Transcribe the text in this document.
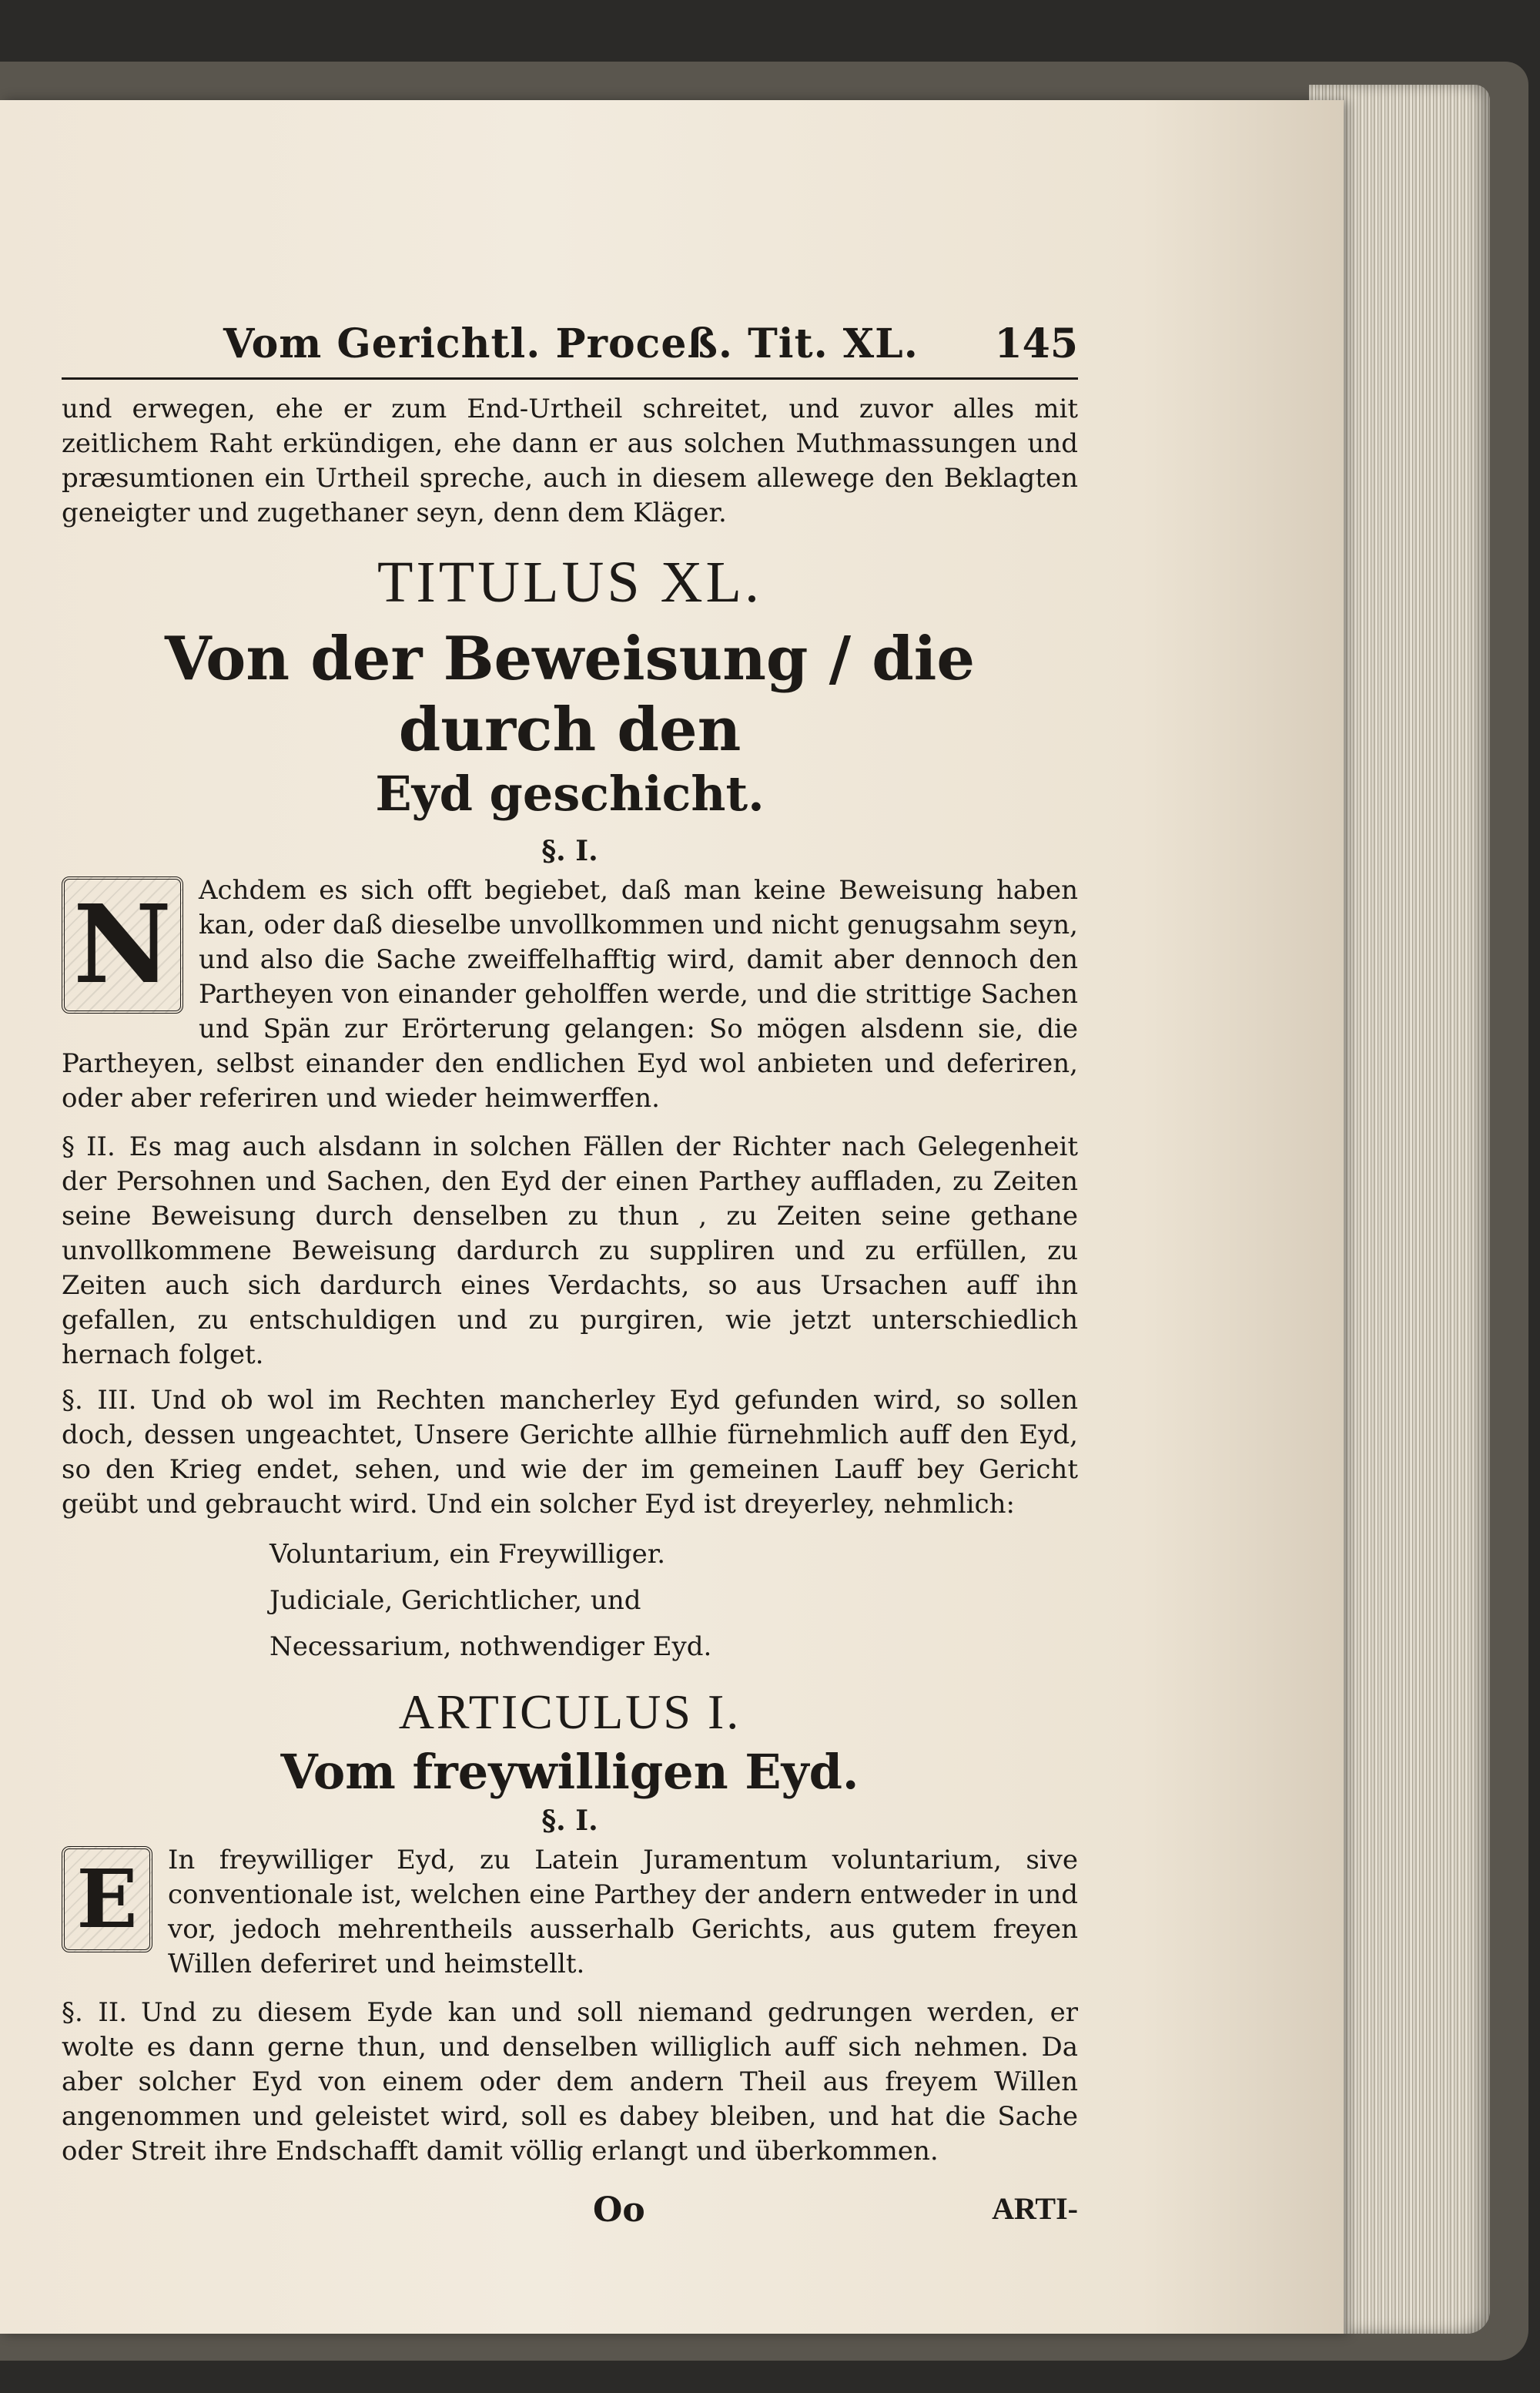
Vom Gerichtl. Proceß. Tit. XL. 145

und erwegen, ehe er zum End-Urtheil schreitet, und zuvor alles mit zeitlichem Raht erkündigen, ehe dann er aus solchen Muthmassungen und præsumtionen ein Urtheil spreche, auch in diesem allewege den Beklagten geneigter und zugethaner seyn, denn dem Kläger.

TITULUS XL.

Von der Beweisung / die durch den

Eyd geschicht.

§. I.
N	Achdem es sich offt begiebet, daß man keine Beweisung haben kan, oder daß dieselbe unvollkommen und nicht genugsahm seyn, und also die Sache zweiffelhafftig wird, damit aber dennoch den Partheyen von einander geholffen werde, und die strittige Sachen und Spän zur Erörterung gelangen: So mögen alsdenn sie, die Partheyen, selbst einander den endlichen Eyd wol anbieten und deferiren, oder aber referiren und wieder heimwerffen.

§ II. Es mag auch alsdann in solchen Fällen der Richter nach Gelegenheit der Persohnen und Sachen, den Eyd der einen Parthey auffladen, zu Zeiten seine Beweisung durch denselben zu thun , zu Zeiten seine gethane unvollkommene Beweisung dardurch zu suppliren und zu erfüllen, zu Zeiten auch sich dardurch eines Verdachts, so aus Ursachen auff ihn gefallen, zu entschuldigen und zu purgiren, wie jetzt unterschiedlich hernach folget.

§. III. Und ob wol im Rechten mancherley Eyd gefunden wird, so sollen doch, dessen ungeachtet, Unsere Gerichte allhie fürnehmlich auff den Eyd, so den Krieg endet, sehen, und wie der im gemeinen Lauff bey Gericht geübt und gebraucht wird. Und ein solcher Eyd ist dreyerley, nehmlich:

Voluntarium, ein Freywilliger.
Judiciale, Gerichtlicher, und
Necessarium, nothwendiger Eyd.
ARTICULUS I.
Vom freywilligen Eyd.
§. I.
E	In freywilliger Eyd, zu Latein Juramentum voluntarium, sive conventionale ist, welchen eine Parthey der andern entweder in und vor, jedoch mehrentheils ausserhalb Gerichts, aus gutem freyen Willen deferiret und heimstellt.

§. II. Und zu diesem Eyde kan und soll niemand gedrungen werden, er wolte es dann gerne thun, und denselben williglich auff sich nehmen. Da aber solcher Eyd von einem oder dem andern Theil aus freyem Willen angenommen und geleistet wird, soll es dabey bleiben, und hat die Sache oder Streit ihre Endschafft damit völlig erlangt und überkommen.

Oo	ARTI-
